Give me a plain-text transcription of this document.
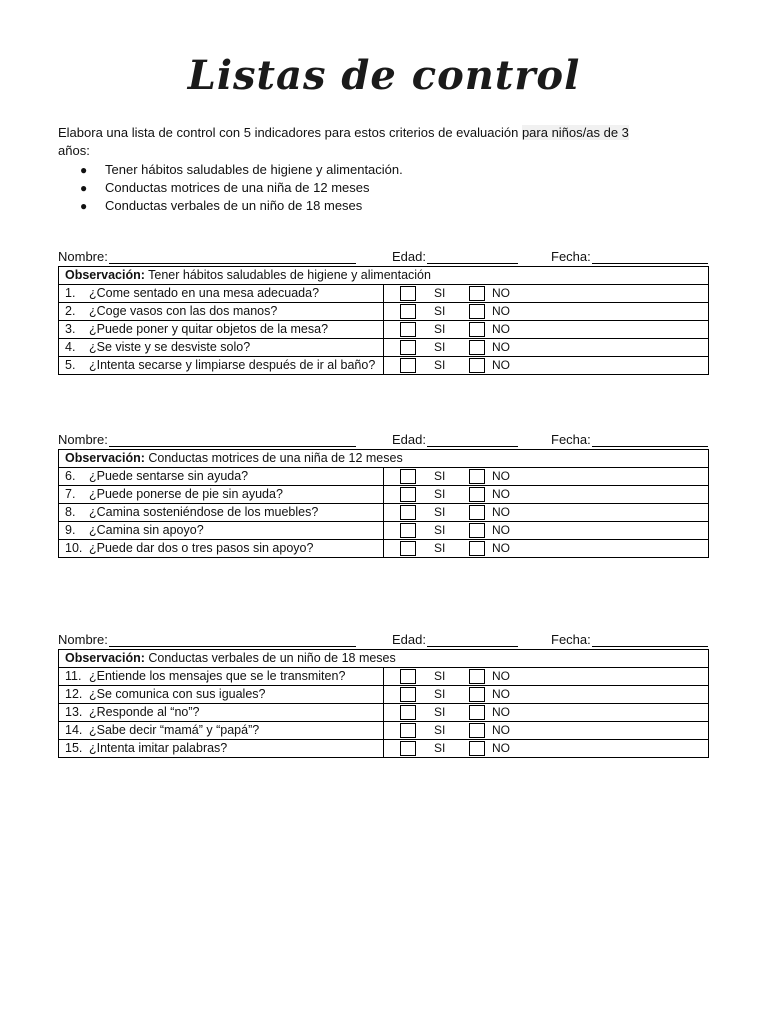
Listas de control

Elabora una lista de control con 5 indicadores para estos criterios de evaluación para niños/as de 3
años:

● Tener hábitos saludables de higiene y alimentación.
● Conductas motrices de una niña de 12 meses
● Conductas verbales de un niño de 18 meses
Nombre:	Edad:	Fecha:
Observación: Tener hábitos saludables de higiene y alimentación	
1. ¿Come sentado en una mesa adecuada?	SI NO

2. ¿Coge vasos con las dos manos?	SI NO

3. ¿Puede poner y quitar objetos de la mesa?	SI NO

4. ¿Se viste y se desviste solo?	SI NO

5. ¿Intenta secarse y limpiarse después de ir al baño?	SI NO
Nombre:	Edad:	Fecha:
Observación: Conductas motrices de una niña de 12 meses	
6. ¿Puede sentarse sin ayuda?	SI NO

7. ¿Puede ponerse de pie sin ayuda?	SI NO

8. ¿Camina sosteniéndose de los muebles?	SI NO

9. ¿Camina sin apoyo?	SI NO

10. ¿Puede dar dos o tres pasos sin apoyo?	SI NO
Nombre:	Edad:	Fecha:
Observación: Conductas verbales de un niño de 18 meses	
11. ¿Entiende los mensajes que se le transmiten?	SI NO

12. ¿Se comunica con sus iguales?	SI NO

13. ¿Responde al “no”?	SI NO

14. ¿Sabe decir “mamá” y “papá”?	SI NO

15. ¿Intenta imitar palabras?	SI NO
